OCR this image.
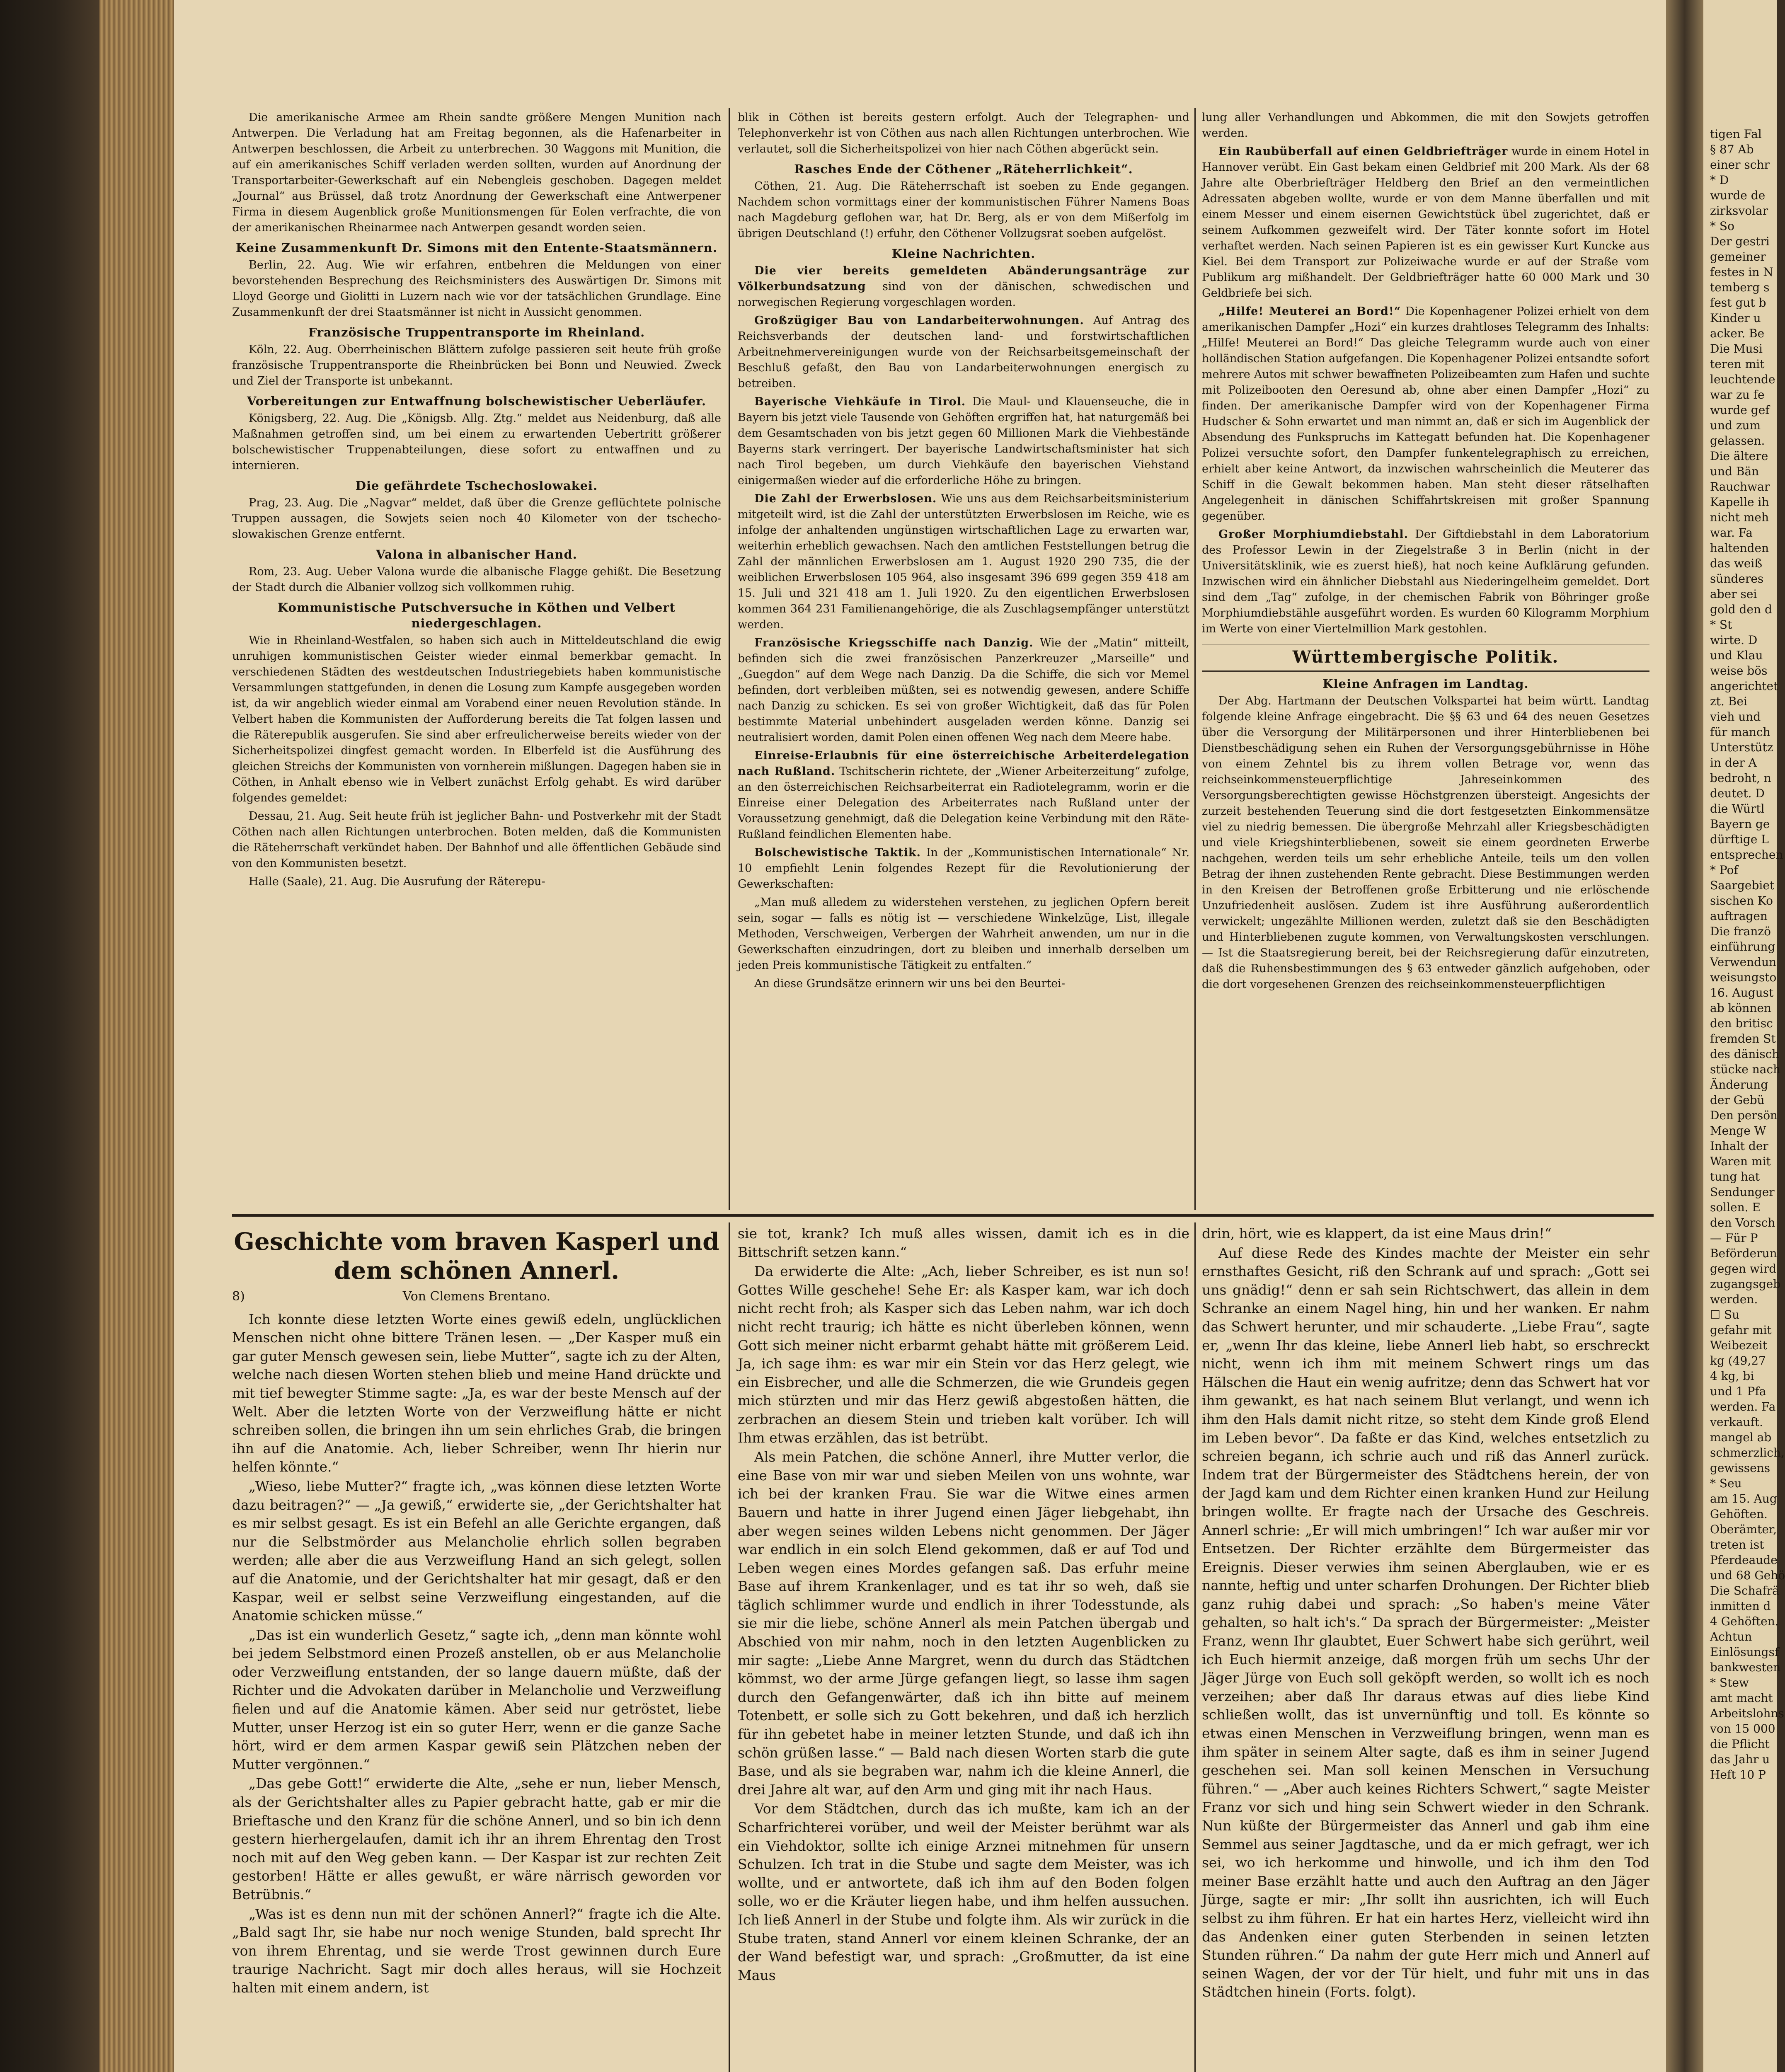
Die amerikanische Armee am Rhein sandte größere Mengen Munition nach Antwerpen. Die Verladung hat am Freitag begonnen, als die Hafenarbeiter in Antwerpen beschlossen, die Arbeit zu unterbrechen. 30 Waggons mit Munition, die auf ein amerikanisches Schiff verladen werden sollten, wurden auf Anordnung der Transportarbeiter-Gewerkschaft auf ein Nebengleis geschoben. Dagegen meldet „Journal“ aus Brüssel, daß trotz Anordnung der Gewerkschaft eine Antwerpener Firma in diesem Augenblick große Munitionsmengen für Eolen verfrachte, die von der amerikanischen Rheinarmee nach Antwerpen gesandt worden seien.

Keine Zusammenkunft Dr. Simons mit den Entente-Staatsmännern.

Berlin, 22. Aug. Wie wir erfahren, entbehren die Meldungen von einer bevorstehenden Besprechung des Reichsministers des Auswärtigen Dr. Simons mit Lloyd George und Giolitti in Luzern nach wie vor der tatsächlichen Grundlage. Eine Zusammenkunft der drei Staatsmänner ist nicht in Aussicht genommen.

Französische Truppentransporte im Rheinland.

Köln, 22. Aug. Oberrheinischen Blättern zufolge passieren seit heute früh große französische Truppentransporte die Rheinbrücken bei Bonn und Neuwied. Zweck und Ziel der Transporte ist unbekannt.

Vorbereitungen zur Entwaffnung bolschewistischer Ueberläufer.

Königsberg, 22. Aug. Die „Königsb. Allg. Ztg.“ meldet aus Neidenburg, daß alle Maßnahmen getroffen sind, um bei einem zu erwartenden Uebertritt größerer bolschewistischer Truppenabteilungen, diese sofort zu entwaffnen und zu internieren.

Die gefährdete Tschechoslowakei.

Prag, 23. Aug. Die „Nagvar“ meldet, daß über die Grenze geflüchtete polnische Truppen aussagen, die Sowjets seien noch 40 Kilometer von der tschecho-slowakischen Grenze entfernt.

Valona in albanischer Hand.

Rom, 23. Aug. Ueber Valona wurde die albanische Flagge gehißt. Die Besetzung der Stadt durch die Albanier vollzog sich vollkommen ruhig.

Kommunistische Putschversuche in Köthen und Velbert niedergeschlagen.

Wie in Rheinland-Westfalen, so haben sich auch in Mitteldeutschland die ewig unruhigen kommunistischen Geister wieder einmal bemerkbar gemacht. In verschiedenen Städten des westdeutschen Industriegebiets haben kommunistische Versammlungen stattgefunden, in denen die Losung zum Kampfe ausgegeben worden ist, da wir angeblich wieder einmal am Vorabend einer neuen Revolution stände. In Velbert haben die Kommunisten der Aufforderung bereits die Tat folgen lassen und die Räterepublik ausgerufen. Sie sind aber erfreulicherweise bereits wieder von der Sicherheitspolizei dingfest gemacht worden. In Elberfeld ist die Ausführung des gleichen Streichs der Kommunisten von vornherein mißlungen. Dagegen haben sie in Cöthen, in Anhalt ebenso wie in Velbert zunächst Erfolg gehabt. Es wird darüber folgendes gemeldet:

Dessau, 21. Aug. Seit heute früh ist jeglicher Bahn- und Postverkehr mit der Stadt Cöthen nach allen Richtungen unterbrochen. Boten melden, daß die Kommunisten die Räteherrschaft verkündet haben. Der Bahnhof und alle öffentlichen Gebäude sind von den Kommunisten besetzt.

Halle (Saale), 21. Aug. Die Ausrufung der Räterepu-

blik in Cöthen ist bereits gestern erfolgt. Auch der Telegraphen- und Telephonverkehr ist von Cöthen aus nach allen Richtungen unterbrochen. Wie verlautet, soll die Sicherheitspolizei von hier nach Cöthen abgerückt sein.

Rasches Ende der Cöthener „Räteherrlichkeit“.

Cöthen, 21. Aug. Die Räteherrschaft ist soeben zu Ende gegangen. Nachdem schon vormittags einer der kommunistischen Führer Namens Boas nach Magdeburg geflohen war, hat Dr. Berg, als er von dem Mißerfolg im übrigen Deutschland (!) erfuhr, den Cöthener Vollzugsrat soeben aufgelöst.

Kleine Nachrichten.

Die vier bereits gemeldeten Abänderungsanträge zur Völkerbundsatzung sind von der dänischen, schwedischen und norwegischen Regierung vorgeschlagen worden.

Großzügiger Bau von Landarbeiterwohnungen. Auf Antrag des Reichsverbands der deutschen land- und forstwirtschaftlichen Arbeitnehmervereinigungen wurde von der Reichsarbeitsgemeinschaft der Beschluß gefaßt, den Bau von Landarbeiterwohnungen energisch zu betreiben.

Bayerische Viehkäufe in Tirol. Die Maul- und Klauenseuche, die in Bayern bis jetzt viele Tausende von Gehöften ergriffen hat, hat naturgemäß bei dem Gesamtschaden von bis jetzt gegen 60 Millionen Mark die Viehbestände Bayerns stark verringert. Der bayerische Landwirtschaftsminister hat sich nach Tirol begeben, um durch Viehkäufe den bayerischen Viehstand einigermaßen wieder auf die erforderliche Höhe zu bringen.

Die Zahl der Erwerbslosen. Wie uns aus dem Reichsarbeitsministerium mitgeteilt wird, ist die Zahl der unterstützten Erwerbslosen im Reiche, wie es infolge der anhaltenden ungünstigen wirtschaftlichen Lage zu erwarten war, weiterhin erheblich gewachsen. Nach den amtlichen Feststellungen betrug die Zahl der männlichen Erwerbslosen am 1. August 1920 290 735, die der weiblichen Erwerbslosen 105 964, also insgesamt 396 699 gegen 359 418 am 15. Juli und 321 418 am 1. Juli 1920. Zu den eigentlichen Erwerbslosen kommen 364 231 Familienangehörige, die als Zuschlagsempfänger unterstützt werden.

Französische Kriegsschiffe nach Danzig. Wie der „Matin“ mitteilt, befinden sich die zwei französischen Panzerkreuzer „Marseille“ und „Guegdon“ auf dem Wege nach Danzig. Da die Schiffe, die sich vor Memel befinden, dort verbleiben müßten, sei es notwendig gewesen, andere Schiffe nach Danzig zu schicken. Es sei von großer Wichtigkeit, daß das für Polen bestimmte Material unbehindert ausgeladen werden könne. Danzig sei neutralisiert worden, damit Polen einen offenen Weg nach dem Meere habe.

Einreise-Erlaubnis für eine österreichische Arbeiterdelegation nach Rußland. Tschitscherin richtete, der „Wiener Arbeiterzeitung“ zufolge, an den österreichischen Reichsarbeiterrat ein Radiotelegramm, worin er die Einreise einer Delegation des Arbeiterrates nach Rußland unter der Voraussetzung genehmigt, daß die Delegation keine Verbindung mit den Räte-Rußland feindlichen Elementen habe.

Bolschewistische Taktik. In der „Kommunistischen Internationale“ Nr. 10 empfiehlt Lenin folgendes Rezept für die Revolutionierung der Gewerkschaften:

„Man muß alledem zu widerstehen verstehen, zu jeglichen Opfern bereit sein, sogar — falls es nötig ist — verschiedene Winkelzüge, List, illegale Methoden, Verschweigen, Verbergen der Wahrheit anwenden, um nur in die Gewerkschaften einzudringen, dort zu bleiben und innerhalb derselben um jeden Preis kommunistische Tätigkeit zu entfalten.“

An diese Grundsätze erinnern wir uns bei den Beurtei-

lung aller Verhandlungen und Abkommen, die mit den Sowjets getroffen werden.

Ein Raubüberfall auf einen Geldbriefträger wurde in einem Hotel in Hannover verübt. Ein Gast bekam einen Geldbrief mit 200 Mark. Als der 68 Jahre alte Oberbriefträger Heldberg den Brief an den vermeintlichen Adressaten abgeben wollte, wurde er von dem Manne überfallen und mit einem Messer und einem eisernen Gewichtstück übel zugerichtet, daß er seinem Aufkommen gezweifelt wird. Der Täter konnte sofort im Hotel verhaftet werden. Nach seinen Papieren ist es ein gewisser Kurt Kuncke aus Kiel. Bei dem Transport zur Polizeiwache wurde er auf der Straße vom Publikum arg mißhandelt. Der Geldbriefträger hatte 60 000 Mark und 30 Geldbriefe bei sich.

„Hilfe! Meuterei an Bord!“ Die Kopenhagener Polizei erhielt von dem amerikanischen Dampfer „Hozi“ ein kurzes drahtloses Telegramm des Inhalts: „Hilfe! Meuterei an Bord!“ Das gleiche Telegramm wurde auch von einer holländischen Station aufgefangen. Die Kopenhagener Polizei entsandte sofort mehrere Autos mit schwer bewaffneten Polizeibeamten zum Hafen und suchte mit Polizeibooten den Oeresund ab, ohne aber einen Dampfer „Hozi“ zu finden. Der amerikanische Dampfer wird von der Kopenhagener Firma Hudscher & Sohn erwartet und man nimmt an, daß er sich im Augenblick der Absendung des Funkspruchs im Kattegatt befunden hat. Die Kopenhagener Polizei versuchte sofort, den Dampfer funkentelegraphisch zu erreichen, erhielt aber keine Antwort, da inzwischen wahrscheinlich die Meuterer das Schiff in die Gewalt bekommen haben. Man steht dieser rätselhaften Angelegenheit in dänischen Schiffahrtskreisen mit großer Spannung gegenüber.

Großer Morphiumdiebstahl. Der Giftdiebstahl in dem Laboratorium des Professor Lewin in der Ziegelstraße 3 in Berlin (nicht in der Universitätsklinik, wie es zuerst hieß), hat noch keine Aufklärung gefunden. Inzwischen wird ein ähnlicher Diebstahl aus Niederingelheim gemeldet. Dort sind dem „Tag“ zufolge, in der chemischen Fabrik von Böhringer große Morphiumdiebstähle ausgeführt worden. Es wurden 60 Kilogramm Morphium im Werte von einer Viertelmillion Mark gestohlen.

Württembergische Politik.
Kleine Anfragen im Landtag.

Der Abg. Hartmann der Deutschen Volkspartei hat beim württ. Landtag folgende kleine Anfrage eingebracht. Die §§ 63 und 64 des neuen Gesetzes über die Versorgung der Militärpersonen und ihrer Hinterbliebenen bei Dienstbeschädigung sehen ein Ruhen der Versorgungsgebührnisse in Höhe von einem Zehntel bis zu ihrem vollen Betrage vor, wenn das reichseinkommensteuerpflichtige Jahreseinkommen des Versorgungsberechtigten gewisse Höchstgrenzen übersteigt. Angesichts der zurzeit bestehenden Teuerung sind die dort festgesetzten Einkommensätze viel zu niedrig bemessen. Die übergroße Mehrzahl aller Kriegsbeschädigten und viele Kriegshinterbliebenen, soweit sie einem geordneten Erwerbe nachgehen, werden teils um sehr erhebliche Anteile, teils um den vollen Betrag der ihnen zustehenden Rente gebracht. Diese Bestimmungen werden in den Kreisen der Betroffenen große Erbitterung und nie erlöschende Unzufriedenheit auslösen. Zudem ist ihre Ausführung außerordentlich verwickelt; ungezählte Millionen werden, zuletzt daß sie den Beschädigten und Hinterbliebenen zugute kommen, von Verwaltungskosten verschlungen. — Ist die Staatsregierung bereit, bei der Reichsregierung dafür einzutreten, daß die Ruhensbestimmungen des § 63 entweder gänzlich aufgehoben, oder die dort vorgesehenen Grenzen des reichseinkommensteuerpflichtigen

Geschichte vom braven Kasperl und dem schönen Annerl.
8)	Von Clemens Brentano.

Ich konnte diese letzten Worte eines gewiß edeln, unglücklichen Menschen nicht ohne bittere Tränen lesen. — „Der Kasper muß ein gar guter Mensch gewesen sein, liebe Mutter“, sagte ich zu der Alten, welche nach diesen Worten stehen blieb und meine Hand drückte und mit tief bewegter Stimme sagte: „Ja, es war der beste Mensch auf der Welt. Aber die letzten Worte von der Verzweiflung hätte er nicht schreiben sollen, die bringen ihn um sein ehrliches Grab, die bringen ihn auf die Anatomie. Ach, lieber Schreiber, wenn Ihr hierin nur helfen könnte.“

„Wieso, liebe Mutter?“ fragte ich, „was können diese letzten Worte dazu beitragen?“ — „Ja gewiß,“ erwiderte sie, „der Gerichtshalter hat es mir selbst gesagt. Es ist ein Befehl an alle Gerichte ergangen, daß nur die Selbstmörder aus Melancholie ehrlich sollen begraben werden; alle aber die aus Verzweiflung Hand an sich gelegt, sollen auf die Anatomie, und der Gerichtshalter hat mir gesagt, daß er den Kaspar, weil er selbst seine Verzweiflung eingestanden, auf die Anatomie schicken müsse.“

„Das ist ein wunderlich Gesetz,“ sagte ich, „denn man könnte wohl bei jedem Selbstmord einen Prozeß anstellen, ob er aus Melancholie oder Verzweiflung entstanden, der so lange dauern müßte, daß der Richter und die Advokaten darüber in Melancholie und Verzweiflung fielen und auf die Anatomie kämen. Aber seid nur getröstet, liebe Mutter, unser Herzog ist ein so guter Herr, wenn er die ganze Sache hört, wird er dem armen Kaspar gewiß sein Plätzchen neben der Mutter vergönnen.“

„Das gebe Gott!“ erwiderte die Alte, „sehe er nun, lieber Mensch, als der Gerichtshalter alles zu Papier gebracht hatte, gab er mir die Brieftasche und den Kranz für die schöne Annerl, und so bin ich denn gestern hierhergelaufen, damit ich ihr an ihrem Ehrentag den Trost noch mit auf den Weg geben kann. — Der Kaspar ist zur rechten Zeit gestorben! Hätte er alles gewußt, er wäre närrisch geworden vor Betrübnis.“

„Was ist es denn nun mit der schönen Annerl?“ fragte ich die Alte. „Bald sagt Ihr, sie habe nur noch wenige Stunden, bald sprecht Ihr von ihrem Ehrentag, und sie werde Trost gewinnen durch Eure traurige Nachricht. Sagt mir doch alles heraus, will sie Hochzeit halten mit einem andern, ist

sie tot, krank? Ich muß alles wissen, damit ich es in die Bittschrift setzen kann.“

Da erwiderte die Alte: „Ach, lieber Schreiber, es ist nun so! Gottes Wille geschehe! Sehe Er: als Kasper kam, war ich doch nicht recht froh; als Kasper sich das Leben nahm, war ich doch nicht recht traurig; ich hätte es nicht überleben können, wenn Gott sich meiner nicht erbarmt gehabt hätte mit größerem Leid. Ja, ich sage ihm: es war mir ein Stein vor das Herz gelegt, wie ein Eisbrecher, und alle die Schmerzen, die wie Grundeis gegen mich stürzten und mir das Herz gewiß abgestoßen hätten, die zerbrachen an diesem Stein und trieben kalt vorüber. Ich will Ihm etwas erzählen, das ist betrübt.

Als mein Patchen, die schöne Annerl, ihre Mutter verlor, die eine Base von mir war und sieben Meilen von uns wohnte, war ich bei der kranken Frau. Sie war die Witwe eines armen Bauern und hatte in ihrer Jugend einen Jäger liebgehabt, ihn aber wegen seines wilden Lebens nicht genommen. Der Jäger war endlich in ein solch Elend gekommen, daß er auf Tod und Leben wegen eines Mordes gefangen saß. Das erfuhr meine Base auf ihrem Krankenlager, und es tat ihr so weh, daß sie täglich schlimmer wurde und endlich in ihrer Todesstunde, als sie mir die liebe, schöne Annerl als mein Patchen übergab und Abschied von mir nahm, noch in den letzten Augenblicken zu mir sagte: „Liebe Anne Margret, wenn du durch das Städtchen kömmst, wo der arme Jürge gefangen liegt, so lasse ihm sagen durch den Gefangenwärter, daß ich ihn bitte auf meinem Totenbett, er solle sich zu Gott bekehren, und daß ich herzlich für ihn gebetet habe in meiner letzten Stunde, und daß ich ihn schön grüßen lasse.“ — Bald nach diesen Worten starb die gute Base, und als sie begraben war, nahm ich die kleine Annerl, die drei Jahre alt war, auf den Arm und ging mit ihr nach Haus.

Vor dem Städtchen, durch das ich mußte, kam ich an der Scharfrichterei vorüber, und weil der Meister berühmt war als ein Viehdoktor, sollte ich einige Arznei mitnehmen für unsern Schulzen. Ich trat in die Stube und sagte dem Meister, was ich wollte, und er antwortete, daß ich ihm auf den Boden folgen solle, wo er die Kräuter liegen habe, und ihm helfen aussuchen. Ich ließ Annerl in der Stube und folgte ihm. Als wir zurück in die Stube traten, stand Annerl vor einem kleinen Schranke, der an der Wand befestigt war, und sprach: „Großmutter, da ist eine Maus

drin, hört, wie es klappert, da ist eine Maus drin!“

Auf diese Rede des Kindes machte der Meister ein sehr ernsthaftes Gesicht, riß den Schrank auf und sprach: „Gott sei uns gnädig!“ denn er sah sein Richtschwert, das allein in dem Schranke an einem Nagel hing, hin und her wanken. Er nahm das Schwert herunter, und mir schauderte. „Liebe Frau“, sagte er, „wenn Ihr das kleine, liebe Annerl lieb habt, so erschreckt nicht, wenn ich ihm mit meinem Schwert rings um das Hälschen die Haut ein wenig aufritze; denn das Schwert hat vor ihm gewankt, es hat nach seinem Blut verlangt, und wenn ich ihm den Hals damit nicht ritze, so steht dem Kinde groß Elend im Leben bevor“. Da faßte er das Kind, welches entsetzlich zu schreien begann, ich schrie auch und riß das Annerl zurück. Indem trat der Bürgermeister des Städtchens herein, der von der Jagd kam und dem Richter einen kranken Hund zur Heilung bringen wollte. Er fragte nach der Ursache des Geschreis. Annerl schrie: „Er will mich umbringen!“ Ich war außer mir vor Entsetzen. Der Richter erzählte dem Bürgermeister das Ereignis. Dieser verwies ihm seinen Aberglauben, wie er es nannte, heftig und unter scharfen Drohungen. Der Richter blieb ganz ruhig dabei und sprach: „So haben's meine Väter gehalten, so halt ich's.“ Da sprach der Bürgermeister: „Meister Franz, wenn Ihr glaubtet, Euer Schwert habe sich gerührt, weil ich Euch hiermit anzeige, daß morgen früh um sechs Uhr der Jäger Jürge von Euch soll geköpft werden, so wollt ich es noch verzeihen; aber daß Ihr daraus etwas auf dies liebe Kind schließen wollt, das ist unvernünftig und toll. Es könnte so etwas einen Menschen in Verzweiflung bringen, wenn man es ihm später in seinem Alter sagte, daß es ihm in seiner Jugend geschehen sei. Man soll keinen Menschen in Versuchung führen.“ — „Aber auch keines Richters Schwert,“ sagte Meister Franz vor sich und hing sein Schwert wieder in den Schrank. Nun küßte der Bürgermeister das Annerl und gab ihm eine Semmel aus seiner Jagdtasche, und da er mich gefragt, wer ich sei, wo ich herkomme und hinwolle, und ich ihm den Tod meiner Base erzählt hatte und auch den Auftrag an den Jäger Jürge, sagte er mir: „Ihr sollt ihn ausrichten, ich will Euch selbst zu ihm führen. Er hat ein hartes Herz, vielleicht wird ihn das Andenken einer guten Sterbenden in seinen letzten Stunden rühren.“ Da nahm der gute Herr mich und Annerl auf seinen Wagen, der vor der Tür hielt, und fuhr mit uns in das Städtchen hinein (Forts. folgt).

tigen Fal
§ 87 Ab
einer schr
* D
wurde de
zirksvolar
* So
Der gestri
gemeiner
festes in N
temberg s
fest gut b
Kinder u
acker. Be
Die Musi
teren mit
leuchtende
war zu fe
wurde gef
und zum
gelassen.
Die ältere
und Bän
Rauchwar
Kapelle ih
nicht meh
war. Fa
haltenden
das weiß
sünderes
aber sei
gold den d
* St
wirte. D
und Klau
weise bös
angerichtet
zt. Bei
vieh und
für manch
Unterstütz
in der A
bedroht, n
deutet. D
die Würtl
Bayern ge
dürftige L
entsprechen
* Pof
Saargebiet
sischen Ko
auftragen
Die franzö
einführung
Verwendun
weisungsto
16. August
ab können
den britisc
fremden St
des dänisch
stücke nach
Änderung
der Gebü
Den persön
Menge W
Inhalt der
Waren mit
tung hat
Sendunger
sollen. E
den Vorsch
— Für P
Beförderun
gegen wird
zugangsgeb
werden.
☐ Su
gefahr mit
Weibezeit
kg (49,27
4 kg, bi
und 1 Pfa
werden. Fa
verkauft.
mangel ab
schmerzlich,
gewissens
* Seu
am 15. Aug
Gehöften.
Oberämter,
treten ist
Pferdeaude
und 68 Gehö
Die Schafrä
inmitten d
4 Gehöften.
Achtun
Einlösungsf
bankwesten
* Stew
amt macht
Arbeitslohns
von 15 000
die Pflicht
das Jahr u
Heft 10 P
